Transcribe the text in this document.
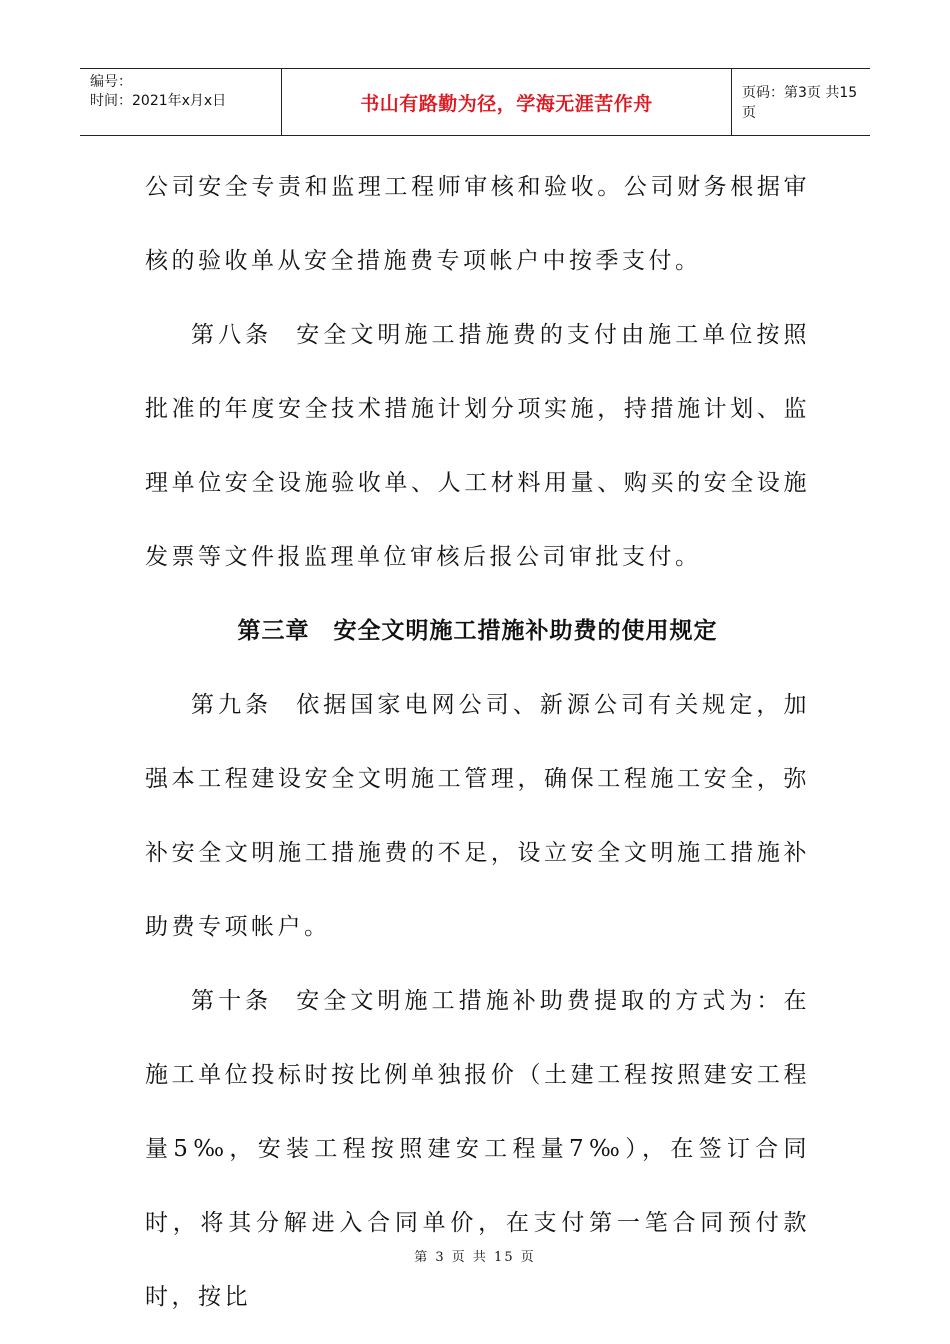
编号：
时间：2021年x月x日	书山有路勤为径，学海无涯苦作舟	页码：第3页 共15页

公司安全专责和监理工程师审核和验收。公司财务根据审核的验收单从安全措施费专项帐户中按季支付。

第八条 安全文明施工措施费的支付由施工单位按照批准的年度安全技术措施计划分项实施，持措施计划、监理单位安全设施验收单、人工材料用量、购买的安全设施发票等文件报监理单位审核后报公司审批支付。

第三章　安全文明施工措施补助费的使用规定

第九条 依据国家电网公司、新源公司有关规定，加强本工程建设安全文明施工管理，确保工程施工安全，弥补安全文明施工措施费的不足，设立安全文明施工措施补助费专项帐户。

第十条 安全文明施工措施补助费提取的方式为：在施工单位投标时按比例单独报价（土建工程按照建安工程量5‰，安装工程按照建安工程量7‰），在签订合同时，将其分解进入合同单价，在支付第一笔合同预付款时，按比

第 3 页 共 15 页
